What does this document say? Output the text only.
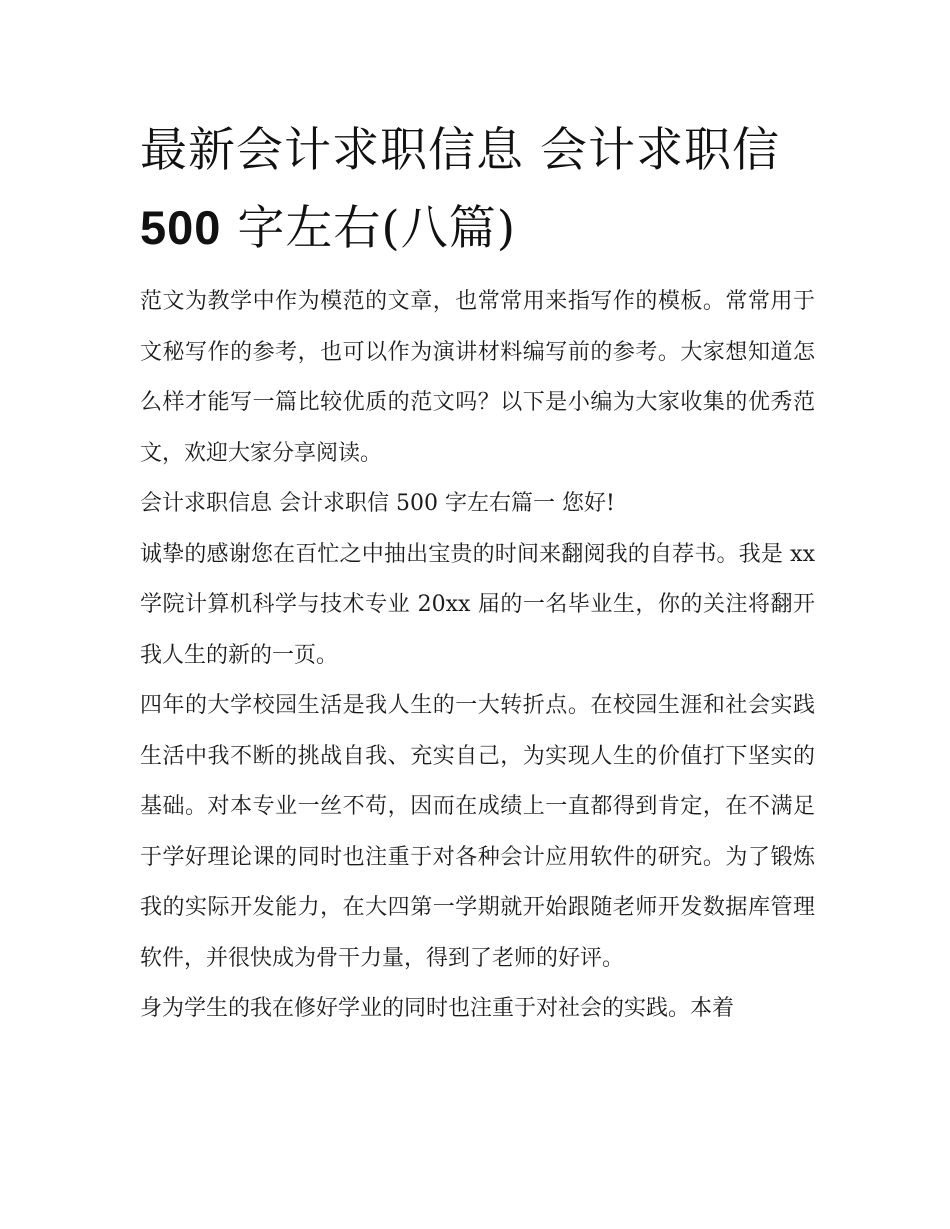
最新会计求职信息 会计求职信
500 字左右(八篇)

范文为教学中作为模范的文章，也常常用来指写作的模板。常常用于文秘写作的参考，也可以作为演讲材料编写前的参考。大家想知道怎么样才能写一篇比较优质的范文吗？以下是小编为大家收集的优秀范文，欢迎大家分享阅读。

会计求职信息 会计求职信 500 字左右篇一 您好!

诚挚的感谢您在百忙之中抽出宝贵的时间来翻阅我的自荐书。我是 xx 学院计算机科学与技术专业 20xx 届的一名毕业生，你的关注将翻开我人生的新的一页。

四年的大学校园生活是我人生的一大转折点。在校园生涯和社会实践生活中我不断的挑战自我、充实自己，为实现人生的价值打下坚实的基础。对本专业一丝不苟，因而在成绩上一直都得到肯定，在不满足于学好理论课的同时也注重于对各种会计应用软件的研究。为了锻炼我的实际开发能力，在大四第一学期就开始跟随老师开发数据库管理软件，并很快成为骨干力量，得到了老师的好评。

身为学生的我在修好学业的同时也注重于对社会的实践。本着
